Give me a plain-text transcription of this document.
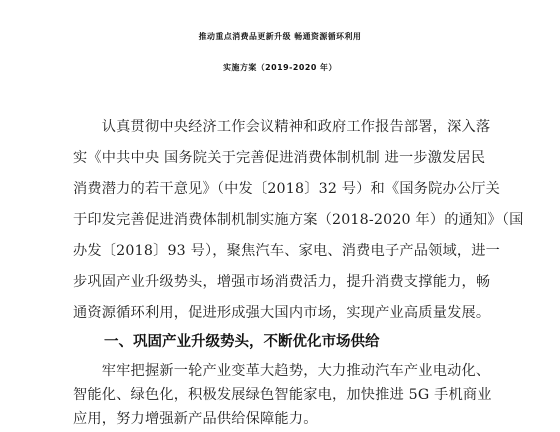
推动重点消费品更新升级 畅通资源循环利用
实施方案（2019-2020 年）
　　认真贯彻中央经济工作会议精神和政府工作报告部署，深入落
实《中共中央 国务院关于完善促进消费体制机制 进一步激发居民
消费潜力的若干意见》（中发〔2018〕32 号）和《国务院办公厅关
于印发完善促进消费体制机制实施方案（2018-2020 年）的通知》（国
办发〔2018〕93 号），聚焦汽车、家电、消费电子产品领域，进一
步巩固产业升级势头，增强市场消费活力，提升消费支撑能力，畅
通资源循环利用，促进形成强大国内市场，实现产业高质量发展。
一、巩固产业升级势头，不断优化市场供给
　　牢牢把握新一轮产业变革大趋势，大力推动汽车产业电动化、
智能化、绿色化，积极发展绿色智能家电，加快推进 5G 手机商业
应用，努力增强新产品供给保障能力。
